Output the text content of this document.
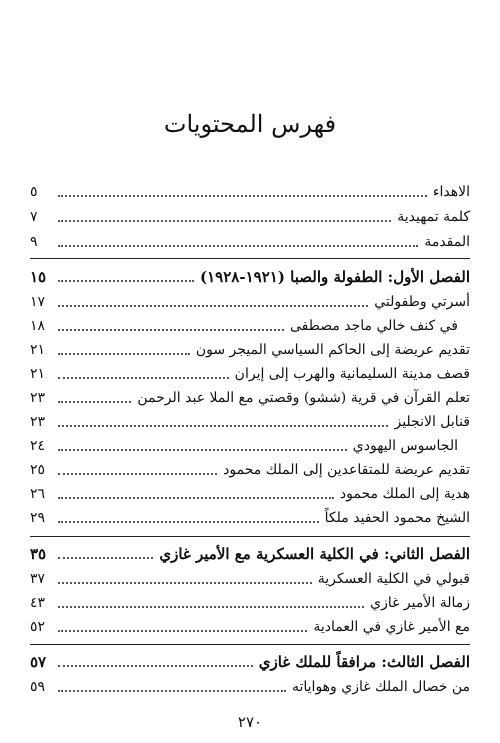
فهرس المحتويات
الاهداء
٥
كلمة تمهيدية
٧
المقدمة
٩
الفصل الأول: الطفولة والصبا (١٩٢١-١٩٢٨)
١٥
أسرتي وطفولتي
١٧
في كنف خالي ماجد مصطفى
١٨
تقديم عريضة إلى الحاكم السياسي الميجر سون
٢١
قصف مدينة السليمانية والهرب إلى إيران
٢١
تعلم القرآن في قرية (ششو) وقصتي مع الملا عبد الرحمن
٢٣
قنابل الانجليز
٢٣
الجاسوس اليهودي
٢٤
تقديم عريضة للمتقاعدين إلى الملك محمود
٢٥
هدية إلى الملك محمود
٢٦
الشيخ محمود الحفيد ملكاً
٢٩
الفصل الثاني: في الكلية العسكرية مع الأمير غازي
٣٥
قبولي في الكلية العسكرية
٣٧
زمالة الأمير غازي
٤٣
مع الأمير غازي في العمادية
٥٢
الفصل الثالث: مرافقاً للملك غازي
٥٧
من خصال الملك غازي وهواياته
٥٩
٢٧٠
